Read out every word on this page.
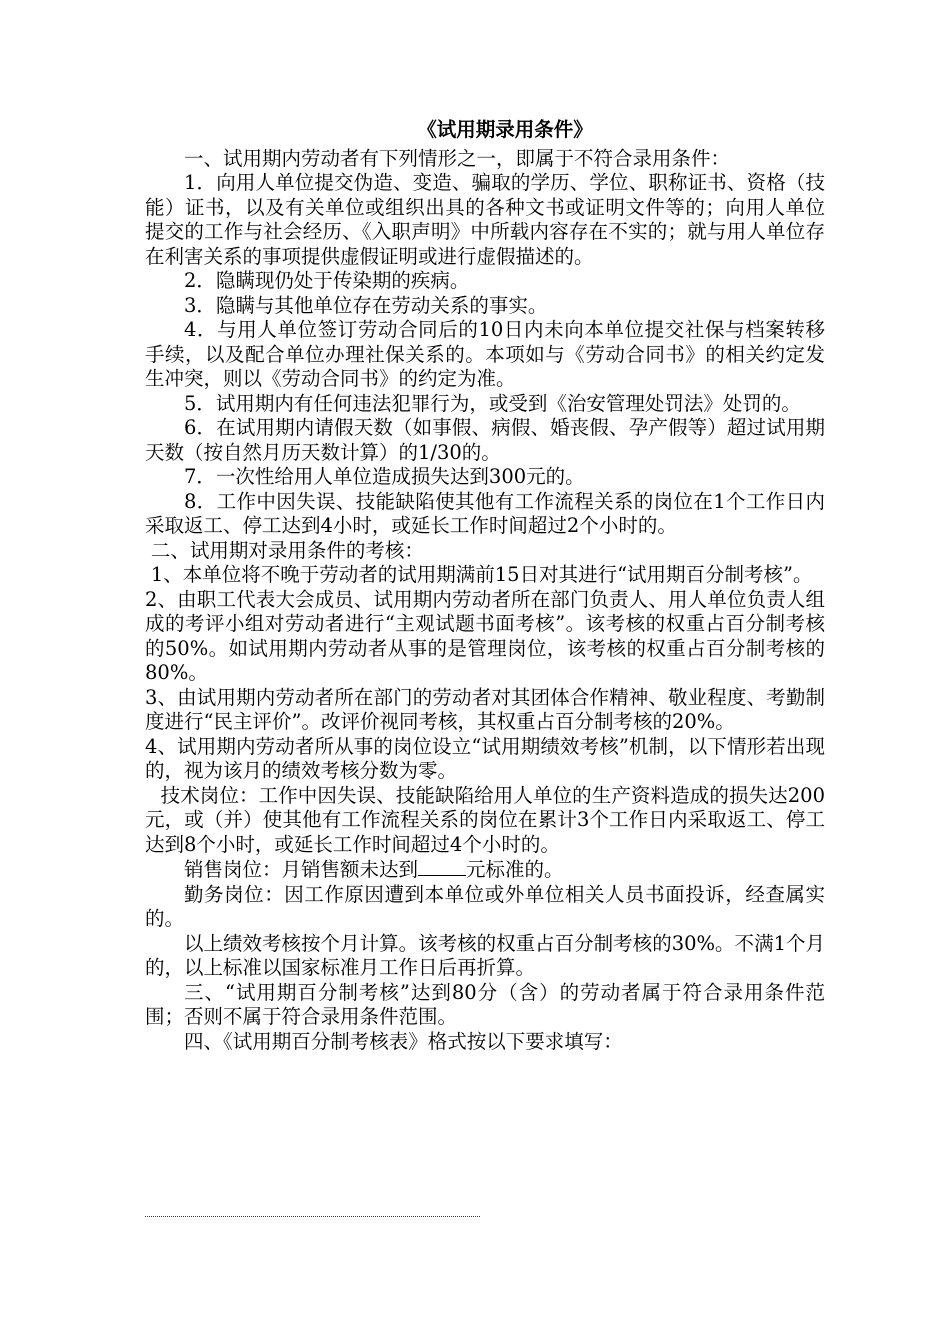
《试用期录用条件》

一、试用期内劳动者有下列情形之一，即属于不符合录用条件：

1．向用人单位提交伪造、变造、骗取的学历、学位、职称证书、资格（技能）证书，以及有关单位或组织出具的各种文书或证明文件等的；向用人单位提交的工作与社会经历、《入职声明》中所载内容存在不实的；就与用人单位存在利害关系的事项提供虚假证明或进行虚假描述的。

2．隐瞒现仍处于传染期的疾病。

3．隐瞒与其他单位存在劳动关系的事实。

4．与用人单位签订劳动合同后的10日内未向本单位提交社保与档案转移手续，以及配合单位办理社保关系的。本项如与《劳动合同书》的相关约定发生冲突，则以《劳动合同书》的约定为准。

5．试用期内有任何违法犯罪行为，或受到《治安管理处罚法》处罚的。

6．在试用期内请假天数（如事假、病假、婚丧假、孕产假等）超过试用期天数（按自然月历天数计算）的1/30的。

7．一次性给用人单位造成损失达到300元的。

8．工作中因失误、技能缺陷使其他有工作流程关系的岗位在1个工作日内采取返工、停工达到4小时，或延长工作时间超过2个小时的。

二、试用期对录用条件的考核：

1、本单位将不晚于劳动者的试用期满前15日对其进行“试用期百分制考核”。

2、由职工代表大会成员、试用期内劳动者所在部门负责人、用人单位负责人组成的考评小组对劳动者进行“主观试题书面考核”。该考核的权重占百分制考核的50%。如试用期内劳动者从事的是管理岗位，该考核的权重占百分制考核的80%。

3、由试用期内劳动者所在部门的劳动者对其团体合作精神、敬业程度、考勤制度进行“民主评价”。改评价视同考核，其权重占百分制考核的20%。

4、试用期内劳动者所从事的岗位设立“试用期绩效考核”机制，以下情形若出现的，视为该月的绩效考核分数为零。

技术岗位：工作中因失误、技能缺陷给用人单位的生产资料造成的损失达200元，或（并）使其他有工作流程关系的岗位在累计3个工作日内采取返工、停工达到8个小时，或延长工作时间超过4个小时的。

销售岗位：月销售额未达到 元标准的。

勤务岗位：因工作原因遭到本单位或外单位相关人员书面投诉，经查属实的。

以上绩效考核按个月计算。该考核的权重占百分制考核的30%。不满1个月的，以上标准以国家标准月工作日后再折算。

三、“试用期百分制考核”达到80分（含）的劳动者属于符合录用条件范围；否则不属于符合录用条件范围。

四、《试用期百分制考核表》格式按以下要求填写：
